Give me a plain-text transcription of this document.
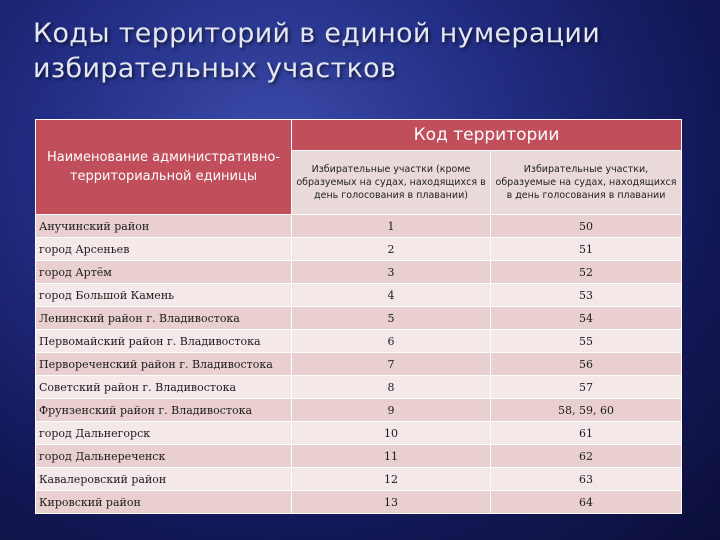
Коды территорий в единой нумерации
избирательных участков
Наименование административно-территориальной единицы	Код территории	
	Избирательные участки (кроме образуемых на судах, находящихся в день голосования в плавании)	Избирательные участки, образуемые на судах, находящихся в день голосования в плавании
Анучинский район	1	50
город Арсеньев	2	51
город Артём	3	52
город Большой Камень	4	53
Ленинский район г. Владивостока	5	54
Первомайский район г. Владивостока	6	55
Первореченский район г. Владивостока	7	56
Советский район г. Владивостока	8	57
Фрунзенский район г. Владивостока	9	58, 59, 60
город Дальнегорск	10	61
город Дальнереченск	11	62
Кавалеровский район	12	63
Кировский район	13	64
